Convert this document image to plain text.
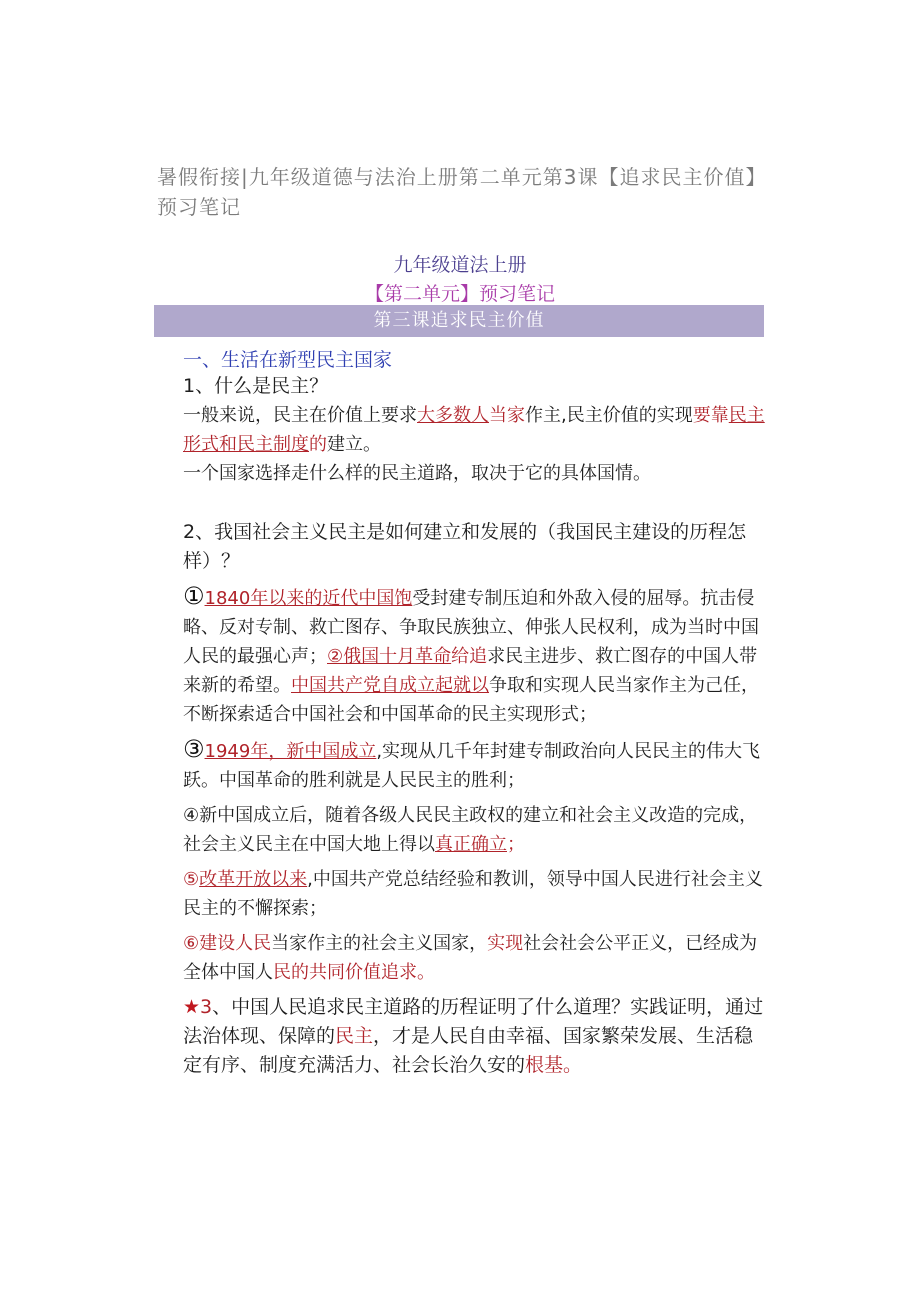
暑假衔接|九年级道德与法治上册第二单元第3课【追求民主价值】预习笔记
九年级道法上册
【第二单元】预习笔记
第三课追求民主价值
一、生活在新型民主国家

1、什么是民主？

一般来说，民主在价值上要求大多数人当家作主,民主价值的实现要靠民主形式和民主制度的建立。

一个国家选择走什么样的民主道路，取决于它的具体国情。

2、我国社会主义民主是如何建立和发展的（我国民主建设的历程怎样）？

①1840年以来的近代中国饱受封建专制压迫和外敌入侵的屈辱。抗击侵略、反对专制、救亡图存、争取民族独立、伸张人民权利，成为当时中国人民的最强心声；②俄国十月革命给追求民主进步、救亡图存的中国人带来新的希望。中国共产党自成立起就以争取和实现人民当家作主为己任，不断探索适合中国社会和中国革命的民主实现形式；

③1949年，新中国成立,实现从几千年封建专制政治向人民民主的伟大飞跃。中国革命的胜利就是人民民主的胜利；

④新中国成立后，随着各级人民民主政权的建立和社会主义改造的完成，社会主义民主在中国大地上得以真正确立；

⑤改革开放以来,中国共产党总结经验和教训，领导中国人民进行社会主义民主的不懈探索；

⑥建设人民当家作主的社会主义国家，实现社会社会公平正义，已经成为全体中国人民的共同价值追求。

★3、中国人民追求民主道路的历程证明了什么道理？实践证明，通过法治体现、保障的民主，才是人民自由幸福、国家繁荣发展、生活稳定有序、制度充满活力、社会长治久安的根基。
